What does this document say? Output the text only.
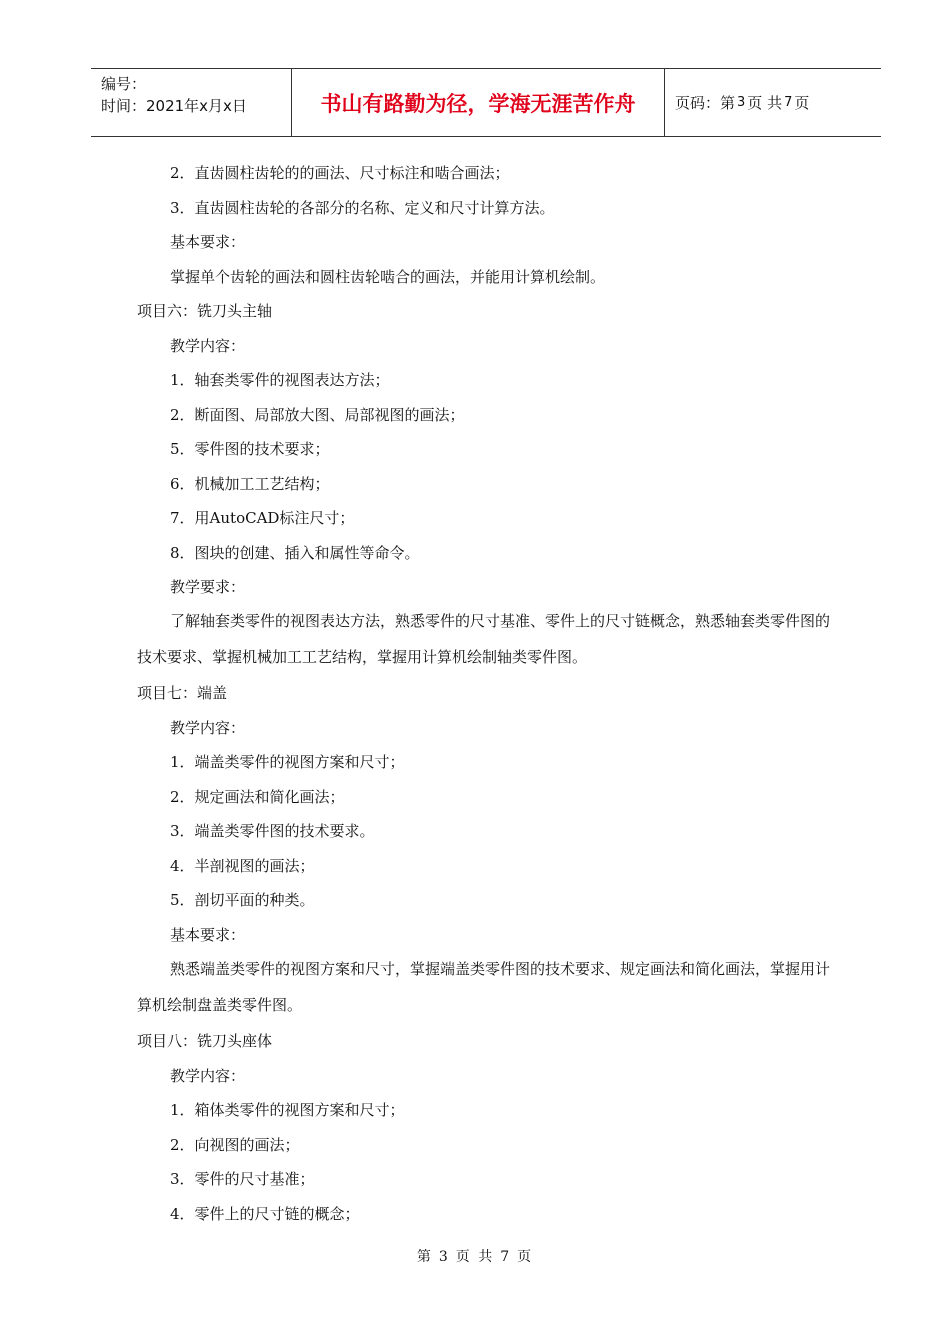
编号：
时间：2021年x月x日	书山有路勤为径，学海无涯苦作舟	页码：第 3 页 共 7 页
2．直齿圆柱齿轮的的画法、尺寸标注和啮合画法；
3．直齿圆柱齿轮的各部分的名称、定义和尺寸计算方法。
基本要求：
掌握单个齿轮的画法和圆柱齿轮啮合的画法，并能用计算机绘制。
项目六：铣刀头主轴
教学内容：
1．轴套类零件的视图表达方法；
2．断面图、局部放大图、局部视图的画法；
5．零件图的技术要求；
6．机械加工工艺结构；
7．用AutoCAD标注尺寸；
8．图块的创建、插入和属性等命令。
教学要求：
了解轴套类零件的视图表达方法，熟悉零件的尺寸基准、零件上的尺寸链概念，熟悉轴套类零件图的技术要求、掌握机械加工工艺结构，掌握用计算机绘制轴类零件图。
项目七：端盖
教学内容：
1．端盖类零件的视图方案和尺寸；
2．规定画法和简化画法；
3．端盖类零件图的技术要求。
4．半剖视图的画法；
5．剖切平面的种类。
基本要求：
熟悉端盖类零件的视图方案和尺寸，掌握端盖类零件图的技术要求、规定画法和简化画法，掌握用计算机绘制盘盖类零件图。
项目八：铣刀头座体
教学内容：
1．箱体类零件的视图方案和尺寸；
2．向视图的画法；
3．零件的尺寸基准；
4．零件上的尺寸链的概念；
第 3 页 共 7 页
